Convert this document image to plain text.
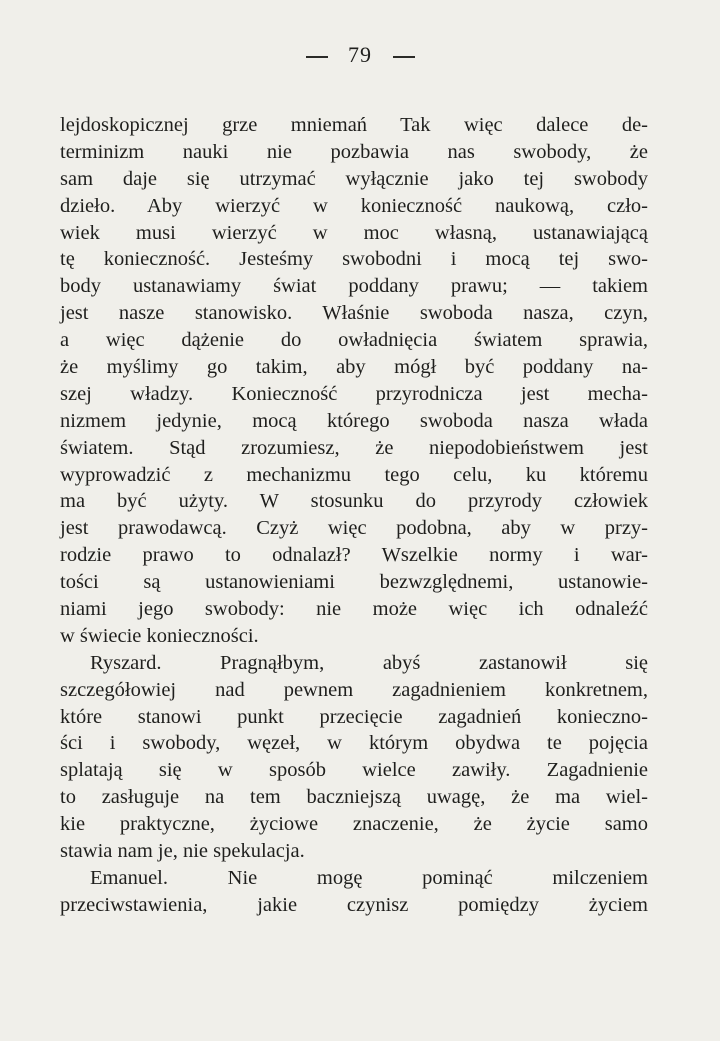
79
lejdoskopicznej grze mniemań Tak więc dalece de-
terminizm nauki nie pozbawia nas swobody, że
sam daje się utrzymać wyłącznie jako tej swobody
dzieło. Aby wierzyć w konieczność naukową, czło-
wiek musi wierzyć w moc własną, ustanawiającą
tę konieczność. Jesteśmy swobodni i mocą tej swo-
body ustanawiamy świat poddany prawu; — takiem
jest nasze stanowisko. Właśnie swoboda nasza, czyn,
a więc dążenie do owładnięcia światem sprawia,
że myślimy go takim, aby mógł być poddany na-
szej władzy. Konieczność przyrodnicza jest mecha-
nizmem jedynie, mocą którego swoboda nasza włada
światem. Stąd zrozumiesz, że niepodobieństwem jest
wyprowadzić z mechanizmu tego celu, ku któremu
ma być użyty. W stosunku do przyrody człowiek
jest prawodawcą. Czyż więc podobna, aby w przy-
rodzie prawo to odnalazł? Wszelkie normy i war-
tości są ustanowieniami bezwzględnemi, ustanowie-
niami jego swobody: nie może więc ich odnaleźć
w świecie konieczności.
Ryszard. Pragnąłbym, abyś zastanowił się
szczegółowiej nad pewnem zagadnieniem konkretnem,
które stanowi punkt przecięcie zagadnień koniecznо-
ści i swobody, węzeł, w którym obydwa te pojęcia
splatają się w sposób wielce zawiły. Zagadnienie
to zasługuje na tem baczniejszą uwagę, że ma wiel-
kie praktyczne, życiowe znaczenie, że życie samo
stawia nam je, nie spekulacja.
Emanuel. Nie mogę pominąć milczeniem
przeciwstawienia, jakie czynisz pomiędzy życiem
